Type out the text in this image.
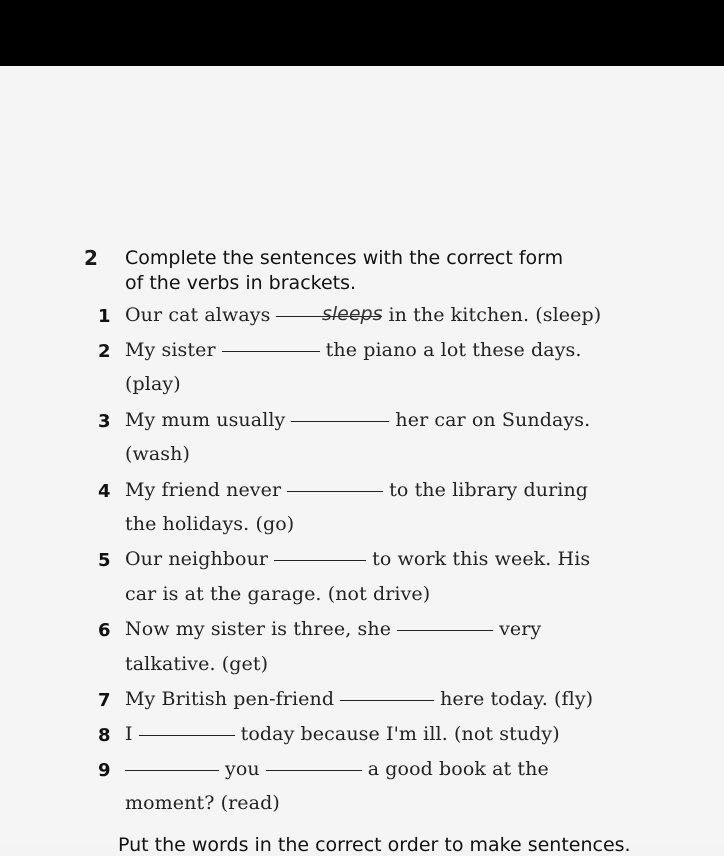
2 Complete the sentences with the correct form
of the verbs in brackets.
1 Our cat always	in the kitchen. (sleep)
sleeps
2 My sister	the piano a lot these days.
(play)
3 My mum usually	her car on Sundays.
(wash)
4 My friend never	to the library during
the holidays. (go)
5 Our neighbour	to work this week. His
car is at the garage. (not drive)
6 Now my sister is three, she	very
talkative. (get)
7 My British pen-friend	here today. (fly)
8 I	today because I'm ill. (not study)
9	you	a good book at the
moment? (read)
Put the words in the correct order to make sentences.
